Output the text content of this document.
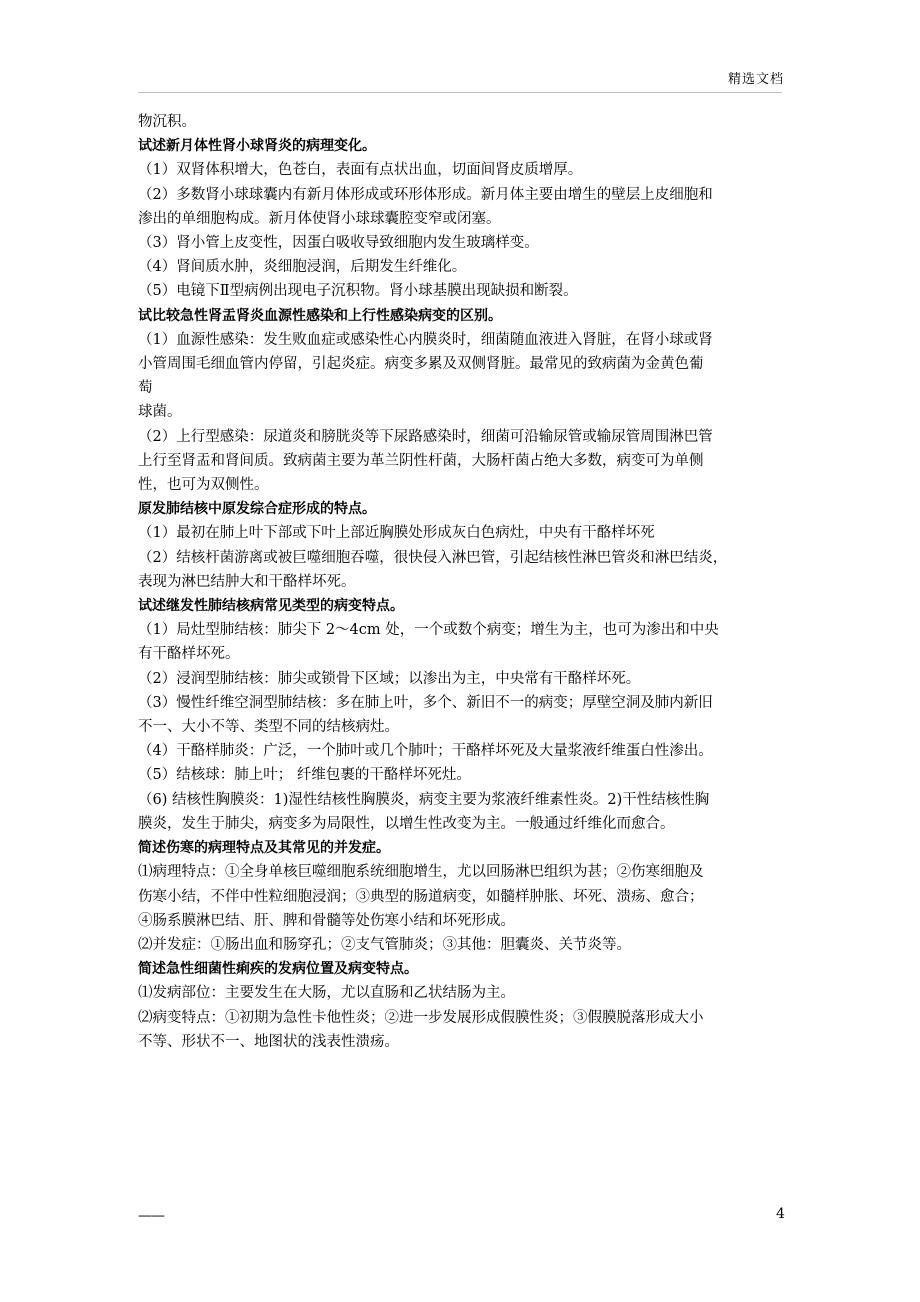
精选文档

物沉积。

试述新月体性肾小球肾炎的病理变化。

（1）双肾体积增大，色苍白，表面有点状出血，切面间肾皮质增厚。

（2）多数肾小球球囊内有新月体形成或环形体形成。新月体主要由增生的壁层上皮细胞和
渗出的单细胞构成。新月体使肾小球球囊腔变窄或闭塞。

（3）肾小管上皮变性，因蛋白吸收导致细胞内发生玻璃样变。

（4）肾间质水肿，炎细胞浸润，后期发生纤维化。

（5）电镜下Ⅱ型病例出现电子沉积物。肾小球基膜出现缺损和断裂。

试比较急性肾盂肾炎血源性感染和上行性感染病变的区别。

（1）血源性感染：发生败血症或感染性心内膜炎时，细菌随血液进入肾脏，在肾小球或肾
小管周围毛细血管内停留，引起炎症。病变多累及双侧肾脏。最常见的致病菌为金黄色葡
萄
球菌。

（2）上行型感染：尿道炎和膀胱炎等下尿路感染时，细菌可沿输尿管或输尿管周围淋巴管
上行至肾盂和肾间质。致病菌主要为革兰阴性杆菌，大肠杆菌占绝大多数，病变可为单侧
性，也可为双侧性。

原发肺结核中原发综合症形成的特点。

（1）最初在肺上叶下部或下叶上部近胸膜处形成灰白色病灶，中央有干酪样坏死

（2）结核杆菌游离或被巨噬细胞吞噬，很快侵入淋巴管，引起结核性淋巴管炎和淋巴结炎，
表现为淋巴结肿大和干酪样坏死。

试述继发性肺结核病常见类型的病变特点。

（1）局灶型肺结核：肺尖下 2～4cm 处，一个或数个病变；增生为主，也可为渗出和中央
有干酪样坏死。

（2）浸润型肺结核：肺尖或锁骨下区域；以渗出为主，中央常有干酪样坏死。

（3）慢性纤维空洞型肺结核：多在肺上叶，多个、新旧不一的病变；厚壁空洞及肺内新旧
不一、大小不等、类型不同的结核病灶。

（4）干酪样肺炎：广泛，一个肺叶或几个肺叶；干酪样坏死及大量浆液纤维蛋白性渗出。

（5）结核球：肺上叶； 纤维包裹的干酪样坏死灶。

（6) 结核性胸膜炎：1)湿性结核性胸膜炎，病变主要为浆液纤维素性炎。2)干性结核性胸
膜炎，发生于肺尖，病变多为局限性，以增生性改变为主。一般通过纤维化而愈合。

简述伤寒的病理特点及其常见的并发症。

⑴病理特点：①全身单核巨噬细胞系统细胞增生，尤以回肠淋巴组织为甚；②伤寒细胞及
伤寒小结，不伴中性粒细胞浸润；③典型的肠道病变，如髓样肿胀、坏死、溃疡、愈合；
④肠系膜淋巴结、肝、脾和骨髓等处伤寒小结和坏死形成。

⑵并发症：①肠出血和肠穿孔；②支气管肺炎；③其他：胆囊炎、关节炎等。

简述急性细菌性痢疾的发病位置及病变特点。

⑴发病部位：主要发生在大肠，尤以直肠和乙状结肠为主。

⑵病变特点：①初期为急性卡他性炎；②进一步发展形成假膜性炎；③假膜脱落形成大小
不等、形状不一、地图状的浅表性溃疡。

——	4
